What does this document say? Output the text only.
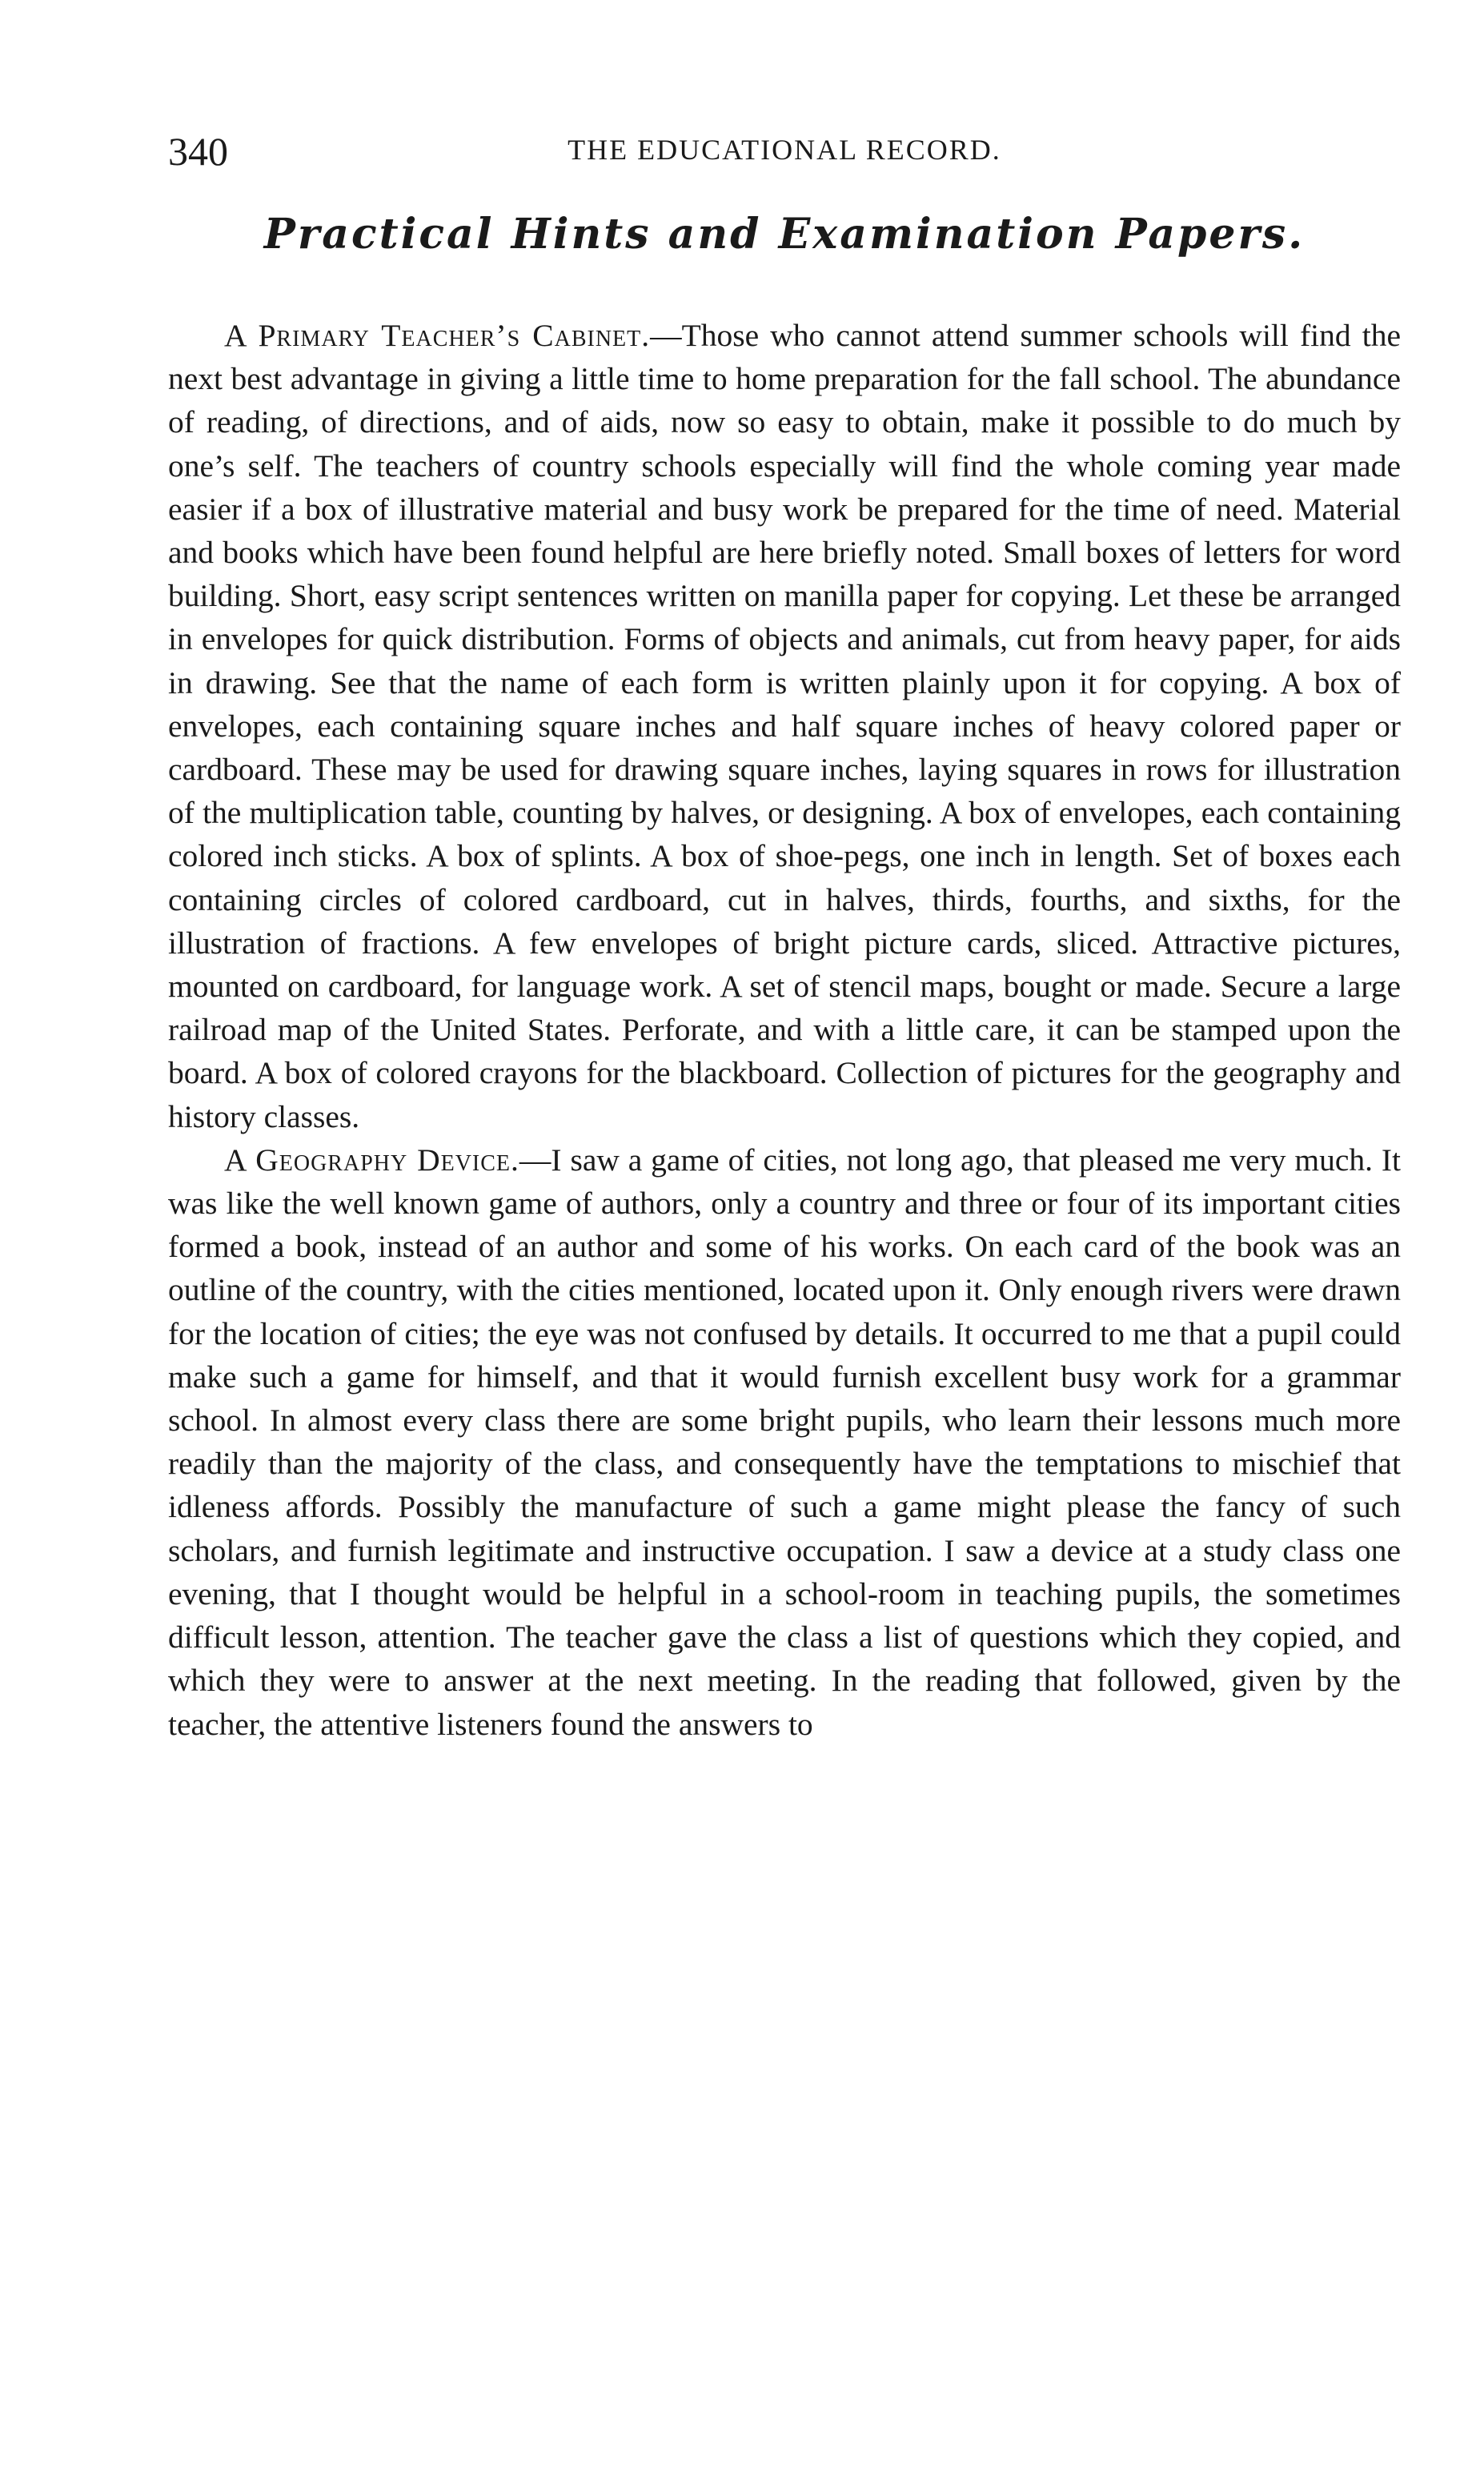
340	THE EDUCATIONAL RECORD.
Practical Hints and Examination Papers.

A Primary Teacher’s Cabinet.—Those who cannot attend summer schools will find the next best advantage in giving a little time to home preparation for the fall school. The abundance of reading, of directions, and of aids, now so easy to obtain, make it possible to do much by one’s self. The teachers of country schools especially will find the whole coming year made easier if a box of illustrative material and busy work be prepared for the time of need. Material and books which have been found helpful are here briefly noted. Small boxes of letters for word building. Short, easy script sentences written on manilla paper for copying. Let these be arranged in envelopes for quick distribution. Forms of objects and animals, cut from heavy paper, for aids in drawing. See that the name of each form is written plainly upon it for copying. A box of envelopes, each containing square inches and half square inches of heavy colored paper or cardboard. These may be used for drawing square inches, laying squares in rows for illustration of the multiplication table, counting by halves, or designing. A box of envelopes, each containing colored inch sticks. A box of splints. A box of shoe-pegs, one inch in length. Set of boxes each containing circles of colored cardboard, cut in halves, thirds, fourths, and sixths, for the illustration of fractions. A few envelopes of bright picture cards, sliced. Attractive pictures, mounted on cardboard, for language work. A set of stencil maps, bought or made. Secure a large railroad map of the United States. Perforate, and with a little care, it can be stamped upon the board. A box of colored crayons for the blackboard. Collection of pictures for the geography and history classes.

A Geography Device.—I saw a game of cities, not long ago, that pleased me very much. It was like the well known game of authors, only a country and three or four of its important cities formed a book, instead of an author and some of his works. On each card of the book was an outline of the country, with the cities mentioned, located upon it. Only enough rivers were drawn for the location of cities; the eye was not confused by details. It occurred to me that a pupil could make such a game for himself, and that it would furnish excellent busy work for a grammar school. In almost every class there are some bright pupils, who learn their lessons much more readily than the majority of the class, and consequently have the temptations to mischief that idleness affords. Possibly the manufacture of such a game might please the fancy of such scholars, and furnish legitimate and instructive occupation. I saw a device at a study class one evening, that I thought would be helpful in a school-room in teaching pupils, the sometimes difficult lesson, attention. The teacher gave the class a list of questions which they copied, and which they were to answer at the next meeting. In the reading that followed, given by the teacher, the attentive listeners found the answers to
